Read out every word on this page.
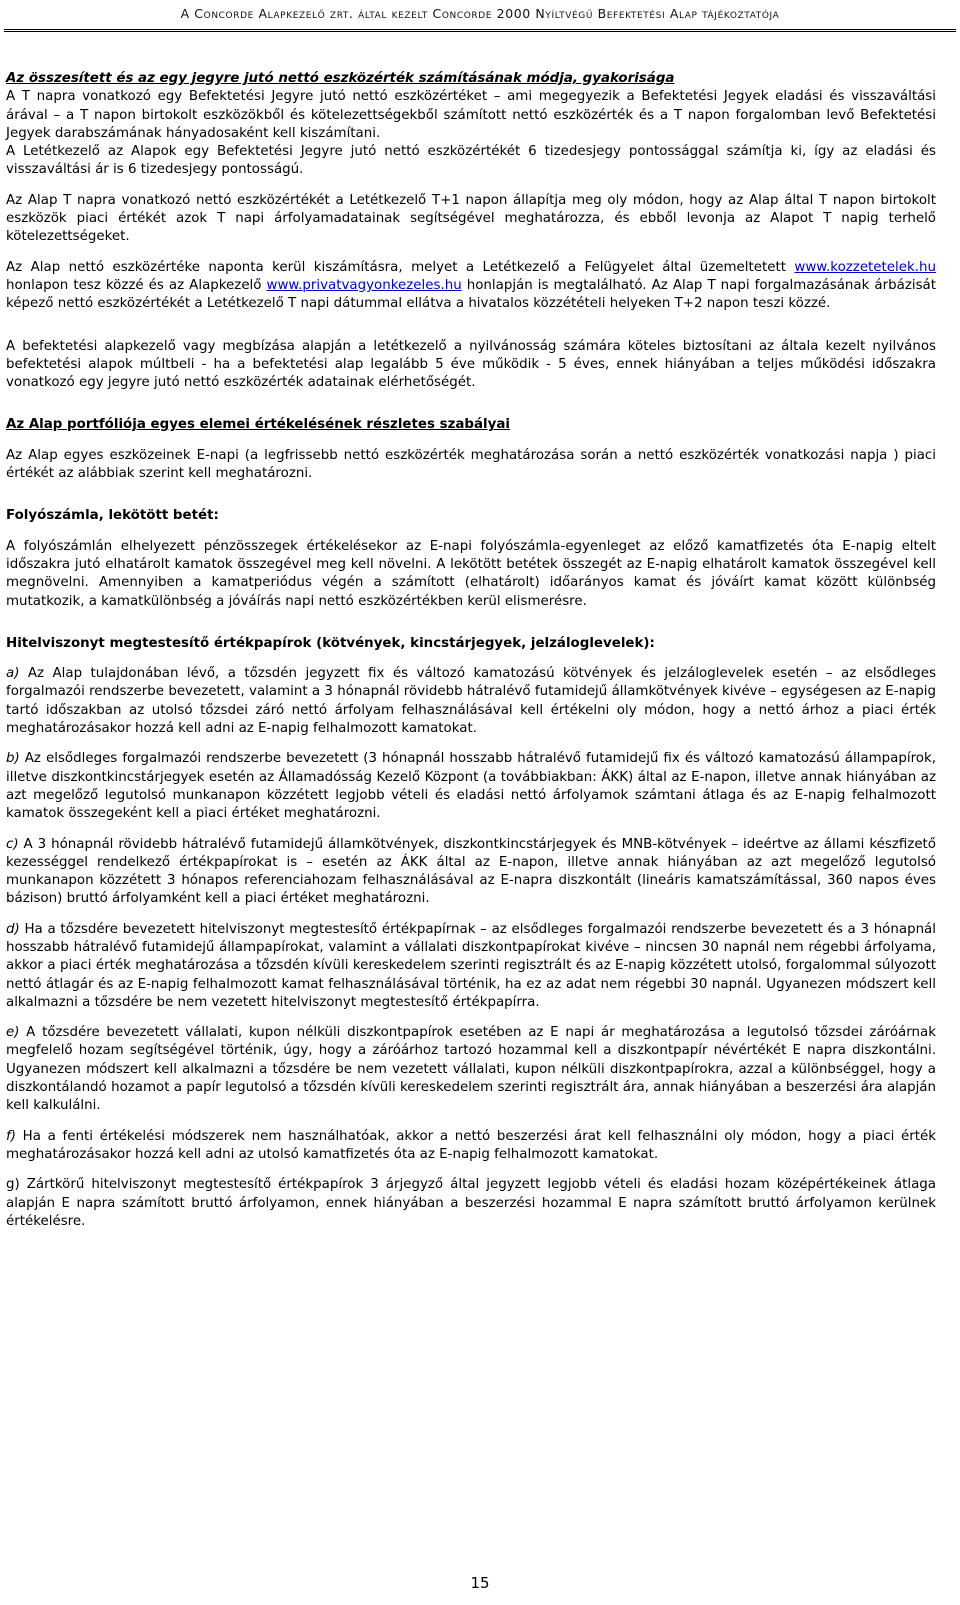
A Concorde Alapkezelő zrt. által kezelt Concorde 2000 Nyíltvégű Befektetési Alap tájékoztatója

Az összesített és az egy jegyre jutó nettó eszközérték számításának módja, gyakorisága

A T napra vonatkozó egy Befektetési Jegyre jutó nettó eszközértéket – ami megegyezik a Befektetési Jegyek eladási és visszaváltási árával – a T napon birtokolt eszközökből és kötelezettségekből számított nettó eszközérték és a T napon forgalomban levő Befektetési Jegyek darabszámának hányadosaként kell kiszámítani.

A Letétkezelő az Alapok egy Befektetési Jegyre jutó nettó eszközértékét 6 tizedesjegy pontossággal számítja ki, így az eladási és visszaváltási ár is 6 tizedesjegy pontosságú.

Az Alap T napra vonatkozó nettó eszközértékét a Letétkezelő T+1 napon állapítja meg oly módon, hogy az Alap által T napon birtokolt eszközök piaci értékét azok T napi árfolyamadatainak segítségével meghatározza, és ebből levonja az Alapot T napig terhelő kötelezettségeket.

Az Alap nettó eszközértéke naponta kerül kiszámításra, melyet a Letétkezelő a Felügyelet által üzemeltetett www.kozzetetelek.hu honlapon tesz közzé és az Alapkezelő www.privatvagyonkezeles.hu honlapján is megtalálható. Az Alap T napi forgalmazásának árbázisát képező nettó eszközértékét a Letétkezelő T napi dátummal ellátva a hivatalos közzétételi helyeken T+2 napon teszi közzé.

A befektetési alapkezelő vagy megbízása alapján a letétkezelő a nyilvánosság számára köteles biztosítani az általa kezelt nyilvános befektetési alapok múltbeli - ha a befektetési alap legalább 5 éve működik - 5 éves, ennek hiányában a teljes működési időszakra vonatkozó egy jegyre jutó nettó eszközérték adatainak elérhetőségét.

Az Alap portfóliója egyes elemei értékelésének részletes szabályai

Az Alap egyes eszközeinek E-napi (a legfrissebb nettó eszközérték meghatározása során a nettó eszközérték vonatkozási napja ) piaci értékét az alábbiak szerint kell meghatározni.

Folyószámla, lekötött betét:

A folyószámlán elhelyezett pénzösszegek értékelésekor az E-napi folyószámla-egyenleget az előző kamatfizetés óta E-napig eltelt időszakra jutó elhatárolt kamatok összegével meg kell növelni. A lekötött betétek összegét az E-napig elhatárolt kamatok összegével kell megnövelni. Amennyiben a kamatperiódus végén a számított (elhatárolt) időarányos kamat és jóváírt kamat között különbség mutatkozik, a kamatkülönbség a jóváírás napi nettó eszközértékben kerül elismerésre.

Hitelviszonyt megtestesítő értékpapírok (kötvények, kincstárjegyek, jelzáloglevelek):

a) Az Alap tulajdonában lévő, a tőzsdén jegyzett fix és változó kamatozású kötvények és jelzáloglevelek esetén – az elsődleges forgalmazói rendszerbe bevezetett, valamint a 3 hónapnál rövidebb hátralévő futamidejű államkötvények kivéve – egységesen az E-napig tartó időszakban az utolsó tőzsdei záró nettó árfolyam felhasználásával kell értékelni oly módon, hogy a nettó árhoz a piaci érték meghatározásakor hozzá kell adni az E-napig felhalmozott kamatokat.

b) Az elsődleges forgalmazói rendszerbe bevezetett (3 hónapnál hosszabb hátralévő futamidejű fix és változó kamatozású állampapírok, illetve diszkontkincstárjegyek esetén az Államadósság Kezelő Központ (a továbbiakban: ÁKK) által az E-napon, illetve annak hiányában az azt megelőző legutolsó munkanapon közzétett legjobb vételi és eladási nettó árfolyamok számtani átlaga és az E-napig felhalmozott kamatok összegeként kell a piaci értéket meghatározni.

c) A 3 hónapnál rövidebb hátralévő futamidejű államkötvények, diszkontkincstárjegyek és MNB-kötvények – ideértve az állami készfizető kezességgel rendelkező értékpapírokat is – esetén az ÁKK által az E-napon, illetve annak hiányában az azt megelőző legutolsó munkanapon közzétett 3 hónapos referenciahozam felhasználásával az E-napra diszkontált (lineáris kamatszámítással, 360 napos éves bázison) bruttó árfolyamként kell a piaci értéket meghatározni.

d) Ha a tőzsdére bevezetett hitelviszonyt megtestesítő értékpapírnak – az elsődleges forgalmazói rendszerbe bevezetett és a 3 hónapnál hosszabb hátralévő futamidejű állampapírokat, valamint a vállalati diszkontpapírokat kivéve – nincsen 30 napnál nem régebbi árfolyama, akkor a piaci érték meghatározása a tőzsdén kívüli kereskedelem szerinti regisztrált és az E-napig közzétett utolsó, forgalommal súlyozott nettó átlagár és az E-napig felhalmozott kamat felhasználásával történik, ha ez az adat nem régebbi 30 napnál. Ugyanezen módszert kell alkalmazni a tőzsdére be nem vezetett hitelviszonyt megtestesítő értékpapírra.

e) A tőzsdére bevezetett vállalati, kupon nélküli diszkontpapírok esetében az E napi ár meghatározása a legutolsó tőzsdei záróárnak megfelelő hozam segítségével történik, úgy, hogy a záróárhoz tartozó hozammal kell a diszkontpapír névértékét E napra diszkontálni. Ugyanezen módszert kell alkalmazni a tőzsdére be nem vezetett vállalati, kupon nélküli diszkontpapírokra, azzal a különbséggel, hogy a diszkontálandó hozamot a papír legutolsó a tőzsdén kívüli kereskedelem szerinti regisztrált ára, annak hiányában a beszerzési ára alapján kell kalkulálni.

f) Ha a fenti értékelési módszerek nem használhatóak, akkor a nettó beszerzési árat kell felhasználni oly módon, hogy a piaci érték meghatározásakor hozzá kell adni az utolsó kamatfizetés óta az E-napig felhalmozott kamatokat.

g) Zártkörű hitelviszonyt megtestesítő értékpapírok 3 árjegyző által jegyzett legjobb vételi és eladási hozam középértékeinek átlaga alapján E napra számított bruttó árfolyamon, ennek hiányában a beszerzési hozammal E napra számított bruttó árfolyamon kerülnek értékelésre.

15
